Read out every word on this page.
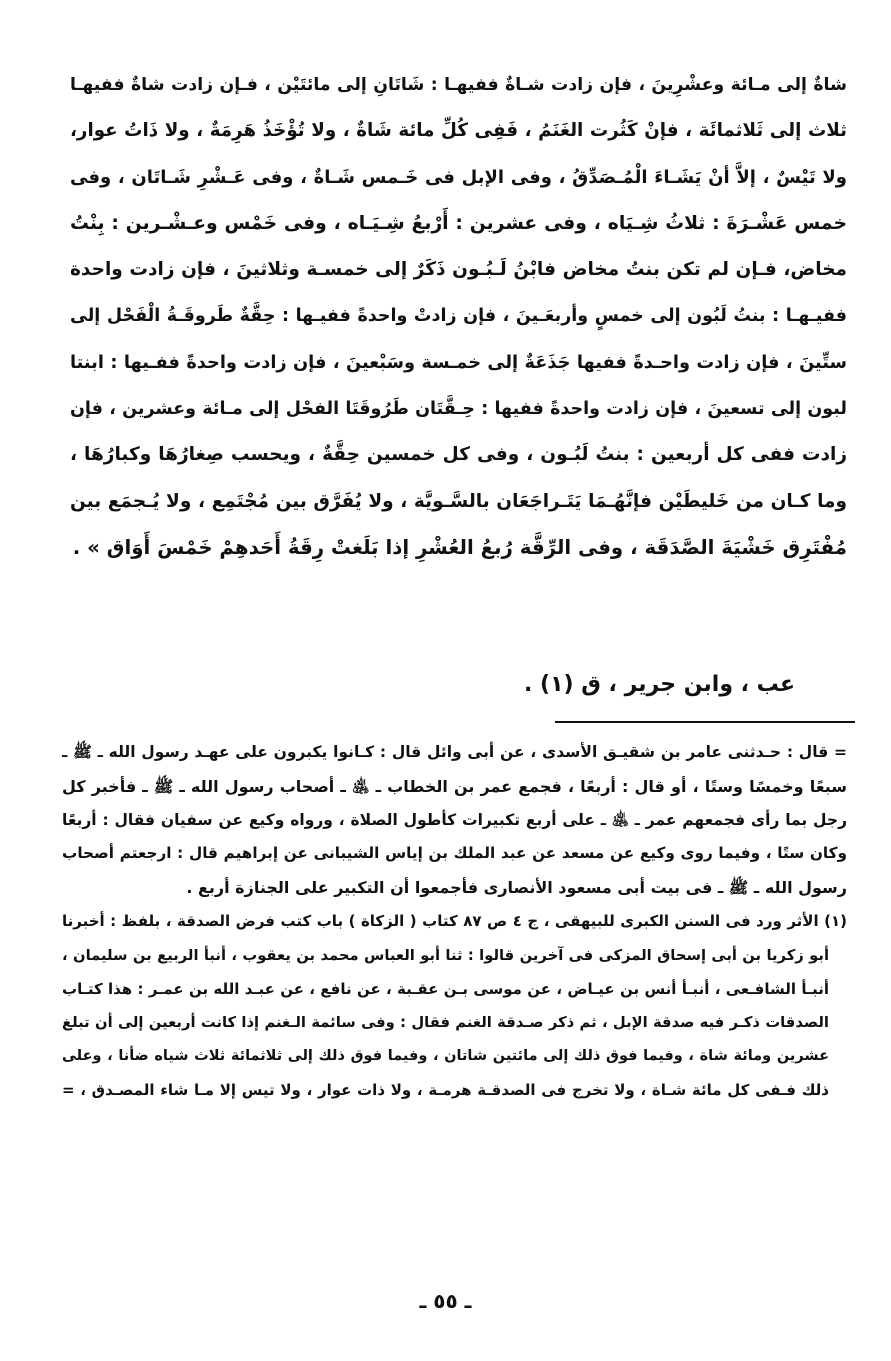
شاةٌ إلى مـائة وعشْرِينَ ، فإن زادت شـاةٌ ففيهـا : شَاتَانِ إلى مائتَيْن ، فـإن زادت شاةٌ ففيهـا
ثلاث إلى ثَلاثمائَة ، فإنْ كَثُرت الغَنَمُ ، فَفِى كُلِّ مائة شَاةٌ ، ولا تُؤْخَذُ هَرِمَةٌ ، ولا ذَاتُ عوار،
ولا تَيْسٌ ، إلاَّ أنْ يَشَـاءَ الْمُـصَدِّقُ ، وفى الإبل فى خَـمس شَـاةٌ ، وفى عَـشْرِ شَـاتَان ، وفى
خمس عَشْـرَةَ : ثلاثُ شِـيَاه ، وفى عشرين : أَرْبعُ شِـيَـاه ، وفى خَمْس وعـشْـرين : بِنْتُ
مخاض، فـإن لم تكن بنتُ مخاض فابْنُ لَـبُـون ذَكَرٌ إلى خمسـة وثلاثينَ ، فإن زادت واحدة
ففيـهـا : بنتُ لَبُون إلى خمسٍ وأربعَـينَ ، فإن زادتْ واحدةً ففيـها : حِقَّةٌ طَروقَـةُ الْفَحْل إلى
ستِّينَ ، فإن زادت واحـدةً ففيها جَذَعَةٌ إلى خمـسة وسَبْعينَ ، فإن زادت واحدةً ففـيها : ابنتا
لبون إلى تسعينَ ، فإن زادت واحدةً ففيها : حِـقَّتَان طَرُوقَتَا الفحْل إلى مـائة وعشرين ، فإن
زادت ففى كل أربعين : بنتُ لَبُـون ، وفى كل خمسين حِقَّةٌ ، ويحسب صِغارُهَا وكبارُهَا ،
وما كـان من خَليطَيْن فإنَّهُـمَا يَتَـراجَعَان بالسَّـويَّة ، ولا يُفَرَّق بين مُجْتَمِع ، ولا يُـجمَع بين
مُفْتَرِق خَشْيَةَ الصَّدَقَة ، وفى الرِّقَّة رُبعُ العُشْرِ إذا بَلَغتْ رِقَةُ أَحَدهِمْ خَمْسَ أَوَاق » .
عب ، وابن جرير ، ق (١) .
= قال : حـدثنى عامر بن شقيـق الأسدى ، عن أبى وائل قال : كـانوا يكبرون على عهـد رسول الله ـ ﷺ ـ
سبعًا وخمسًا وستًا ، أو قال : أربعًا ، فجمع عمر بن الخطاب ـ ﵁ ـ أصحاب رسول الله ـ ﷺ ـ فأخبر كل
رجل بما رأى فجمعهم عمر ـ ﵁ ـ على أربع تكبيرات كأطول الصلاة ، ورواه وكيع عن سفيان فقال : أربعًا
وكان ستًا ، وفيما روى وكيع عن مسعد عن عبد الملك بن إياس الشيبانى عن إبراهيم قال : ارجعتم أصحاب
رسول الله ـ ﷺ ـ فى بيت أبى مسعود الأنصارى فأجمعوا أن التكبير على الجنازة أربع .
(١) الأثر ورد فى السنن الكبرى للبيهقى ، ج ٤ ص ٨٧ كتاب ( الزكاة ) باب كتب فرض الصدقة ، بلفظ : أخبرنا
أبو زكريا بن أبى إسحاق المزكى فى آخرين قالوا : ثنا أبو العباس محمد بن يعقوب ، أنبأ الربيع بن سليمان ،
أنبـأ الشافـعى ، أنبـأ أنس بن عيـاض ، عن موسى بـن عقـبة ، عن نافع ، عن عبـد الله بن عمـر : هذا كتـاب
الصدقات ذكـر فيه صدقة الإبل ، ثم ذكر صـدقة الغنم فقال : وفى سائمة الـغنم إذا كانت أربعين إلى أن تبلغ
عشرين ومائة شاة ، وفيما فوق ذلك إلى مائتين شاتان ، وفيما فوق ذلك إلى ثلاثمائة ثلاث شياه ضأنا ، وعلى
ذلك فـفى كل مائة شـاة ، ولا تخرج فى الصدقـة هرمـة ، ولا ذات عوار ، ولا تيس إلا مـا شاء المصـدق ، =
ـ ٥٥ ـ
